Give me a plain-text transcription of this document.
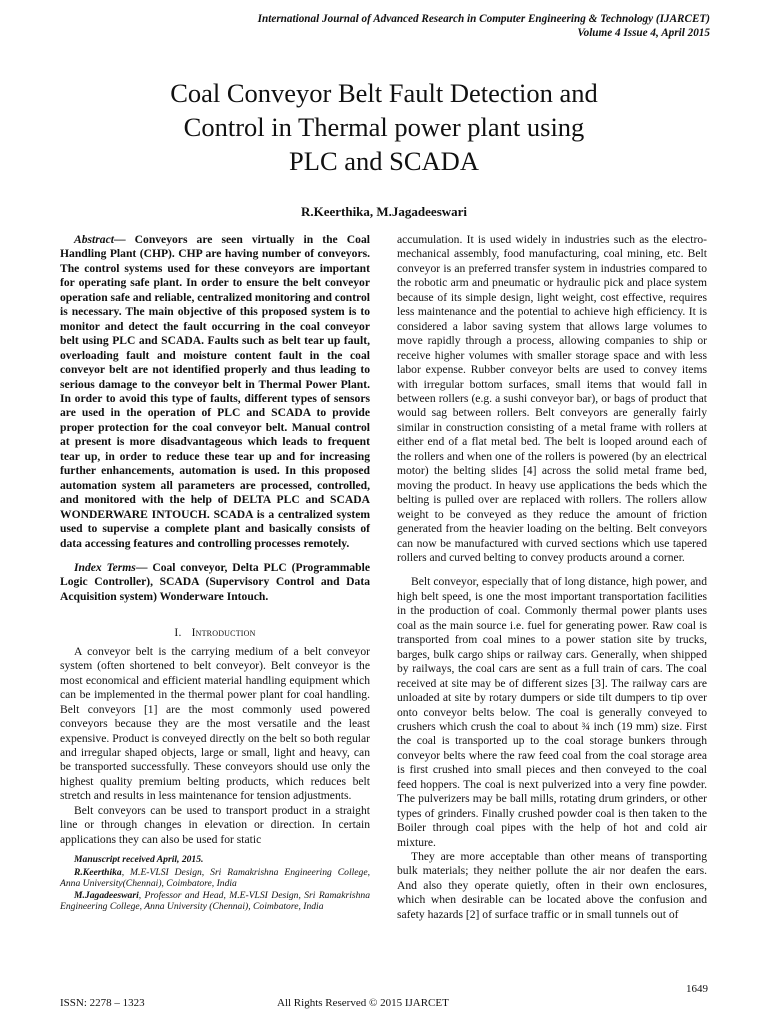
International Journal of Advanced Research in Computer Engineering & Technology (IJARCET)
Volume 4 Issue 4, April 2015
Coal Conveyor Belt Fault Detection and
Control in Thermal power plant using
PLC and SCADA
R.Keerthika, M.Jagadeeswari

Abstract— Conveyors are seen virtually in the Coal Handling Plant (CHP). CHP are having number of conveyors. The control systems used for these conveyors are important for operating safe plant. In order to ensure the belt conveyor operation safe and reliable, centralized monitoring and control is necessary. The main objective of this proposed system is to monitor and detect the fault occurring in the coal conveyor belt using PLC and SCADA. Faults such as belt tear up fault, overloading fault and moisture content fault in the coal conveyor belt are not identified properly and thus leading to serious damage to the conveyor belt in Thermal Power Plant. In order to avoid this type of faults, different types of sensors are used in the operation of PLC and SCADA to provide proper protection for the coal conveyor belt. Manual control at present is more disadvantageous which leads to frequent tear up, in order to reduce these tear up and for increasing further enhancements, automation is used. In this proposed automation system all parameters are processed, controlled, and monitored with the help of DELTA PLC and SCADA WONDERWARE INTOUCH. SCADA is a centralized system used to supervise a complete plant and basically consists of data accessing features and controlling processes remotely.

Index Terms— Coal conveyor, Delta PLC (Programmable Logic Controller), SCADA (Supervisory Control and Data Acquisition system) Wonderware Intouch.

I. Introduction

A conveyor belt is the carrying medium of a belt conveyor system (often shortened to belt conveyor). Belt conveyor is the most economical and efficient material handling equipment which can be implemented in the thermal power plant for coal handling. Belt conveyors [1] are the most commonly used powered conveyors because they are the most versatile and the least expensive. Product is conveyed directly on the belt so both regular and irregular shaped objects, large or small, light and heavy, can be transported successfully. These conveyors should use only the highest quality premium belting products, which reduces belt stretch and results in less maintenance for tension adjustments.

Belt conveyors can be used to transport product in a straight line or through changes in elevation or direction. In certain applications they can also be used for static

Manuscript received April, 2015.

R.Keerthika, M.E-VLSI Design, Sri Ramakrishna Engineering College, Anna University(Chennai), Coimbatore, India

M.Jagadeeswari, Professor and Head, M.E-VLSI Design, Sri Ramakrishna Engineering College, Anna University (Chennai), Coimbatore, India

accumulation. It is used widely in industries such as the electro-mechanical assembly, food manufacturing, coal mining, etc. Belt conveyor is an preferred transfer system in industries compared to the robotic arm and pneumatic or hydraulic pick and place system because of its simple design, light weight, cost effective, requires less maintenance and the potential to achieve high efficiency. It is considered a labor saving system that allows large volumes to move rapidly through a process, allowing companies to ship or receive higher volumes with smaller storage space and with less labor expense. Rubber conveyor belts are used to convey items with irregular bottom surfaces, small items that would fall in between rollers (e.g. a sushi conveyor bar), or bags of product that would sag between rollers. Belt conveyors are generally fairly similar in construction consisting of a metal frame with rollers at either end of a flat metal bed. The belt is looped around each of the rollers and when one of the rollers is powered (by an electrical motor) the belting slides [4] across the solid metal frame bed, moving the product. In heavy use applications the beds which the belting is pulled over are replaced with rollers. The rollers allow weight to be conveyed as they reduce the amount of friction generated from the heavier loading on the belting. Belt conveyors can now be manufactured with curved sections which use tapered rollers and curved belting to convey products around a corner.

Belt conveyor, especially that of long distance, high power, and high belt speed, is one the most important transportation facilities in the production of coal. Commonly thermal power plants uses coal as the main source i.e. fuel for generating power. Raw coal is transported from coal mines to a power station site by trucks, barges, bulk cargo ships or railway cars. Generally, when shipped by railways, the coal cars are sent as a full train of cars. The coal received at site may be of different sizes [3]. The railway cars are unloaded at site by rotary dumpers or side tilt dumpers to tip over onto conveyor belts below. The coal is generally conveyed to crushers which crush the coal to about ¾ inch (19 mm) size. First the coal is transported up to the coal storage bunkers through conveyor belts where the raw feed coal from the coal storage area is first crushed into small pieces and then conveyed to the coal feed hoppers. The coal is next pulverized into a very fine powder. The pulverizers may be ball mills, rotating drum grinders, or other types of grinders. Finally crushed powder coal is then taken to the Boiler through coal pipes with the help of hot and cold air mixture.

They are more acceptable than other means of transporting bulk materials; they neither pollute the air nor deafen the ears. And also they operate quietly, often in their own enclosures, which when desirable can be located above the confusion and safety hazards [2] of surface traffic or in small tunnels out of

1649
ISSN: 2278 – 1323	All Rights Reserved © 2015 IJARCET
